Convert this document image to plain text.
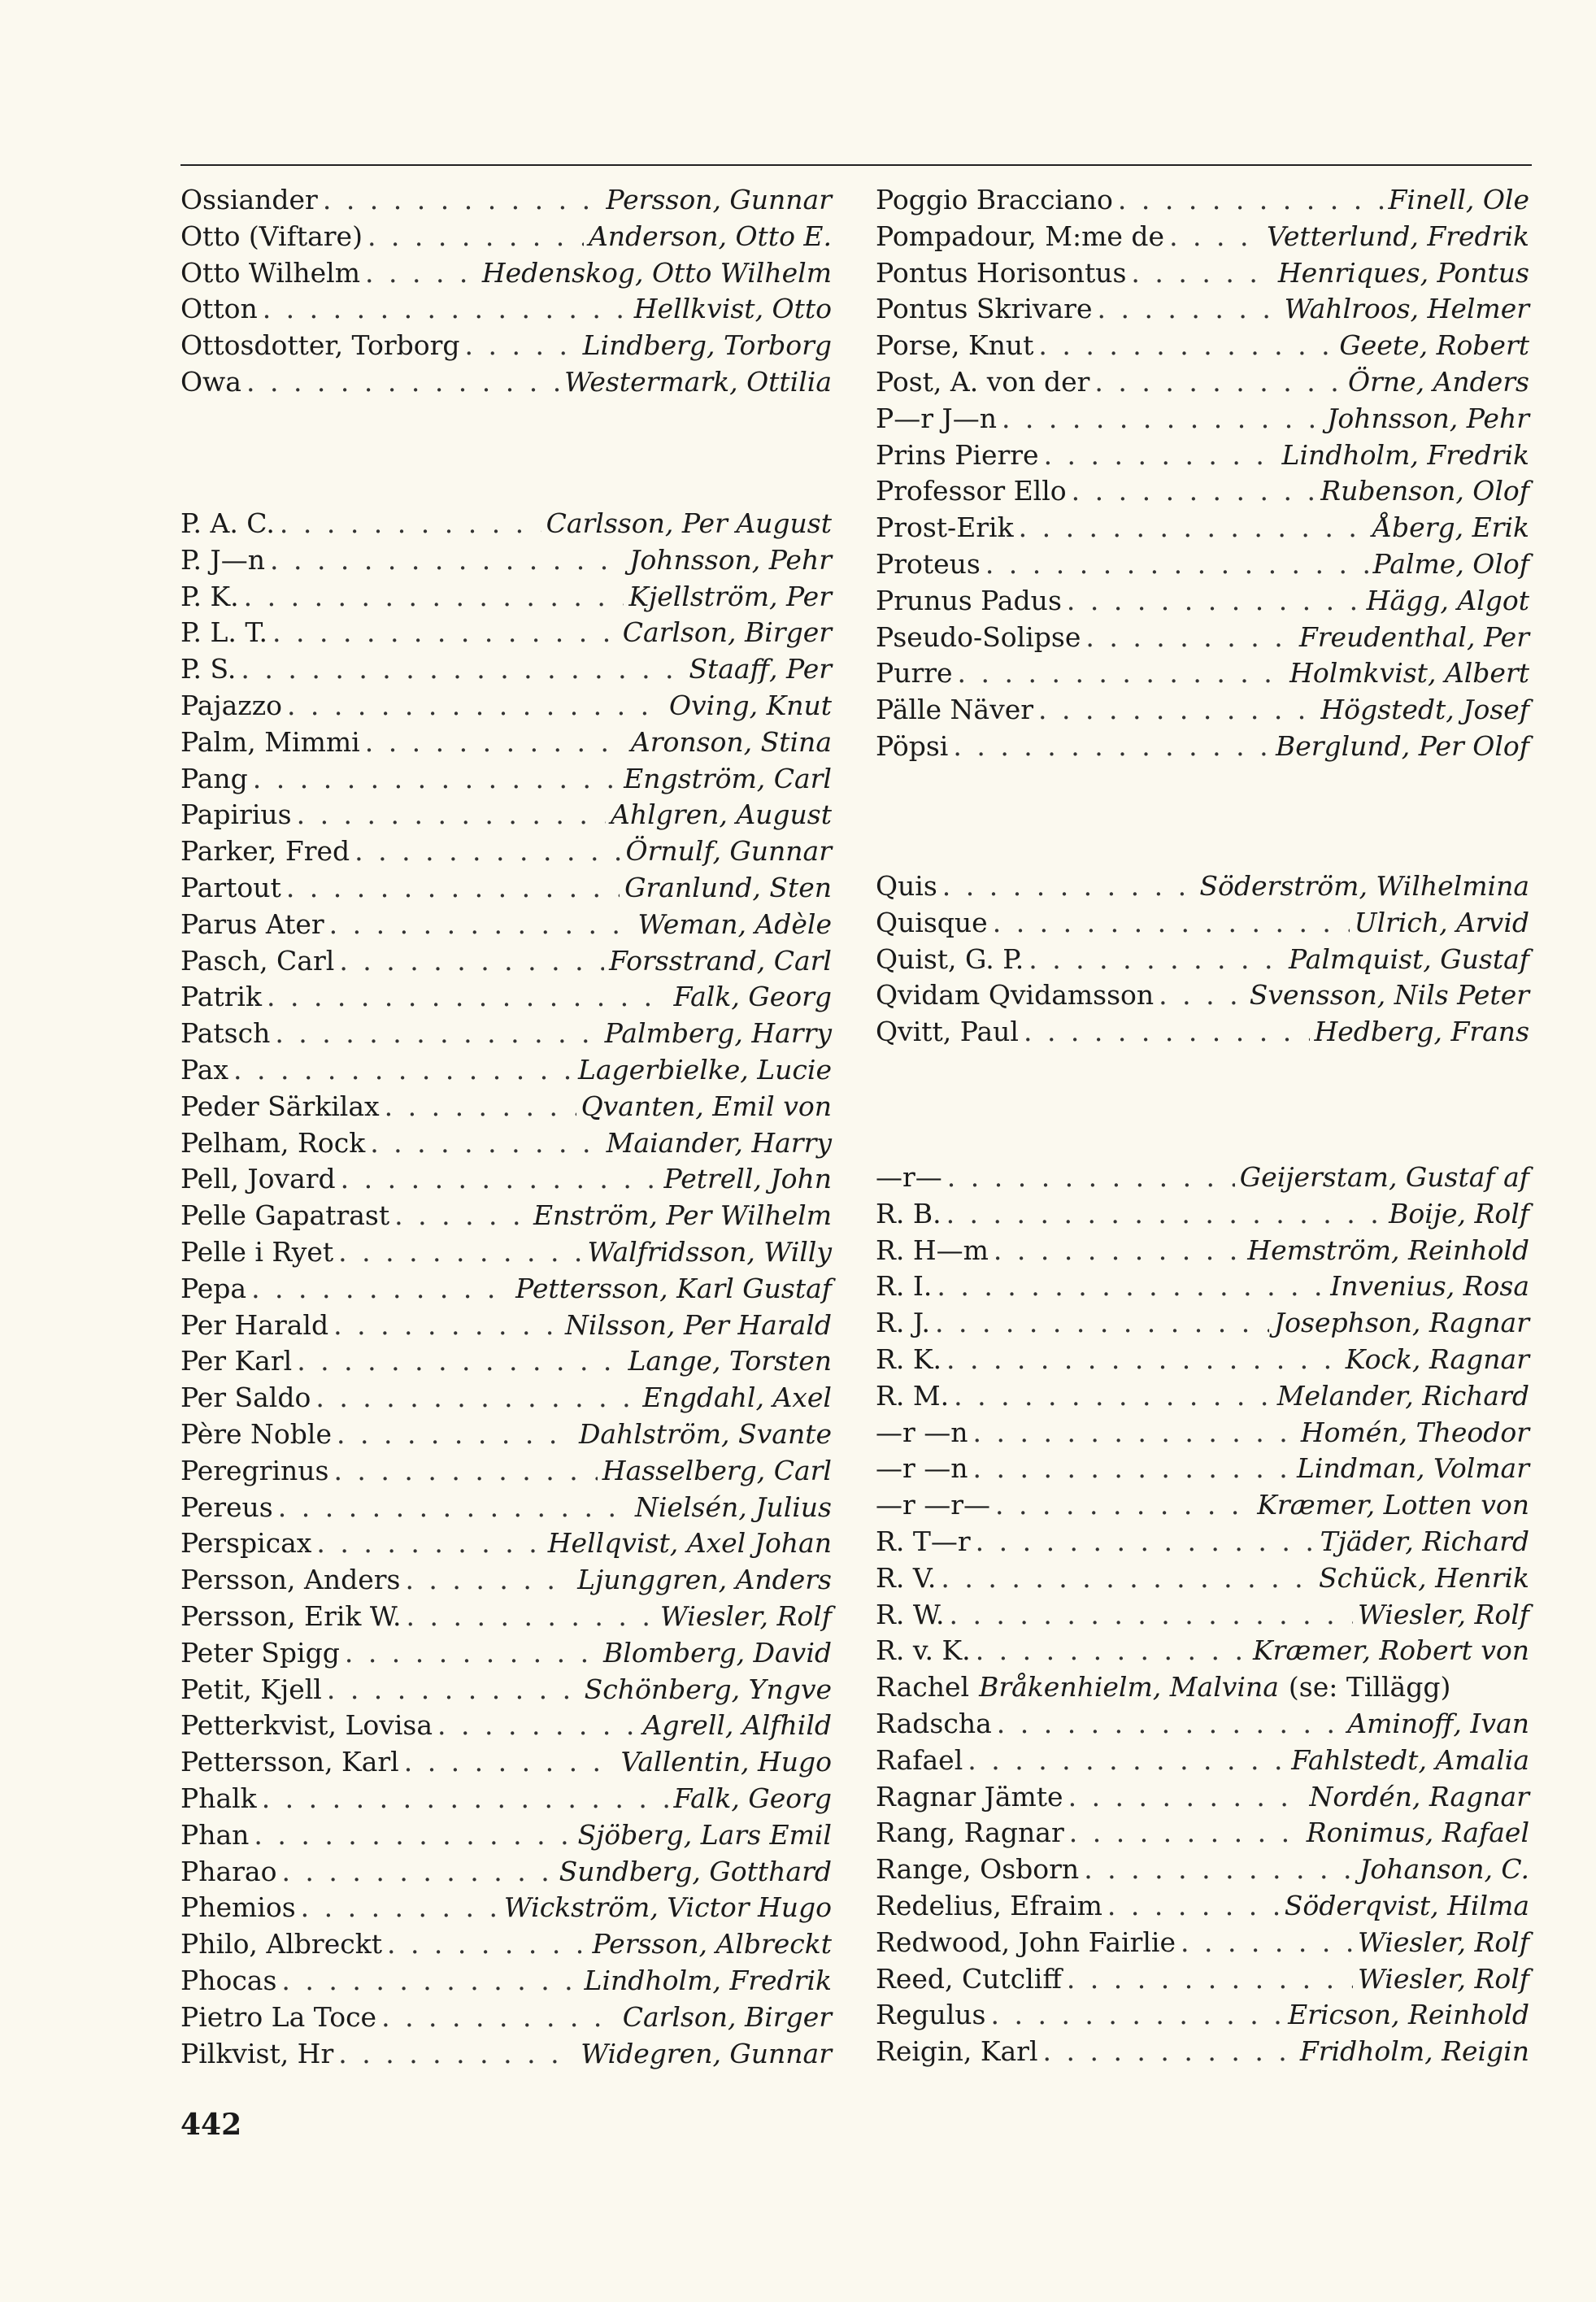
Ossiander . . .	Persson, Gunnar
Otto (Viftare) . . .	Anderson, Otto E.
Otto Wilhelm . . .	Hedenskog, Otto Wilhelm
Otton . . .	Hellkvist, Otto
Ottosdotter, Torborg . . .	Lindberg, Torborg
Owa . . .	Westermark, Ottilia
P. A. C. . . .	Carlsson, Per August
P. J—n . . .	Johnsson, Pehr
P. K. . . .	Kjellström, Per
P. L. T. . . .	Carlson, Birger
P. S. . . .	Staaff, Per
Pajazzo . . .	Oving, Knut
Palm, Mimmi . . .	Aronson, Stina
Pang . . .	Engström, Carl
Papirius . . .	Ahlgren, August
Parker, Fred . . .	Örnulf, Gunnar
Partout . . .	Granlund, Sten
Parus Ater . . .	Weman, Adèle
Pasch, Carl . . .	Forsstrand, Carl
Patrik . . .	Falk, Georg
Patsch . . .	Palmberg, Harry
Pax . . .	Lagerbielke, Lucie
Peder Särkilax . . .	Qvanten, Emil von
Pelham, Rock . . .	Maiander, Harry
Pell, Jovard . . .	Petrell, John
Pelle Gapatrast . . .	Enström, Per Wilhelm
Pelle i Ryet . . .	Walfridsson, Willy
Pepa . . .	Pettersson, Karl Gustaf
Per Harald . . .	Nilsson, Per Harald
Per Karl . . .	Lange, Torsten
Per Saldo . . .	Engdahl, Axel
Père Noble . . .	Dahlström, Svante
Peregrinus . . .	Hasselberg, Carl
Pereus . . .	Nielsén, Julius
Perspicax . . .	Hellqvist, Axel Johan
Persson, Anders . . .	Ljunggren, Anders
Persson, Erik W. . . .	Wiesler, Rolf
Peter Spigg . . .	Blomberg, David
Petit, Kjell . . .	Schönberg, Yngve
Petterkvist, Lovisa . . .	Agrell, Alfhild
Pettersson, Karl . . .	Vallentin, Hugo
Phalk . . .	Falk, Georg
Phan . . .	Sjöberg, Lars Emil
Pharao . . .	Sundberg, Gotthard
Phemios . . .	Wickström, Victor Hugo
Philo, Albreckt . . .	Persson, Albreckt
Phocas . . .	Lindholm, Fredrik
Pietro La Toce . . .	Carlson, Birger
Pilkvist, Hr . . .	Widegren, Gunnar
Poggio Bracciano . . .	Finell, Ole
Pompadour, M:me de . . .	Vetterlund, Fredrik
Pontus Horisontus . . .	Henriques, Pontus
Pontus Skrivare . . .	Wahlroos, Helmer
Porse, Knut . . .	Geete, Robert
Post, A. von der . . .	Örne, Anders
P—r J—n . . .	Johnsson, Pehr
Prins Pierre . . .	Lindholm, Fredrik
Professor Ello . . .	Rubenson, Olof
Prost-Erik . . .	Åberg, Erik
Proteus . . .	Palme, Olof
Prunus Padus . . .	Hägg, Algot
Pseudo-Solipse . . .	Freudenthal, Per
Purre . . .	Holmkvist, Albert
Pälle Näver . . .	Högstedt, Josef
Pöpsi . . .	Berglund, Per Olof
Quis . . .	Söderström, Wilhelmina
Quisque . . .	Ulrich, Arvid
Quist, G. P. . . .	Palmquist, Gustaf
Qvidam Qvidamsson . . .	Svensson, Nils Peter
Qvitt, Paul . . .	Hedberg, Frans
—r— . . .	Geijerstam, Gustaf af
R. B. . . .	Boije, Rolf
R. H—m . . .	Hemström, Reinhold
R. I. . . .	Invenius, Rosa
R. J. . . .	Josephson, Ragnar
R. K. . . .	Kock, Ragnar
R. M. . . .	Melander, Richard
—r —n . . .	Homén, Theodor
—r —n . . .	Lindman, Volmar
—r —r— . . .	Kræmer, Lotten von
R. T—r . . .	Tjäder, Richard
R. V. . . .	Schück, Henrik
R. W. . . .	Wiesler, Rolf
R. v. K. . . .	Kræmer, Robert von
Radscha . . .	Aminoff, Ivan
Rafael . . .	Fahlstedt, Amalia
Ragnar Jämte . . .	Nordén, Ragnar
Rang, Ragnar . . .	Ronimus, Rafael
Range, Osborn . . .	Johanson, C.
Redelius, Efraim . . .	Söderqvist, Hilma
Redwood, John Fairlie . . .	Wiesler, Rolf
Reed, Cutcliff . . .	Wiesler, Rolf
Regulus . . .	Ericson, Reinhold
Reigin, Karl . . .	Fridholm, Reigin
Rachel Bråkenhielm, Malvina (se: Tillägg)
442
